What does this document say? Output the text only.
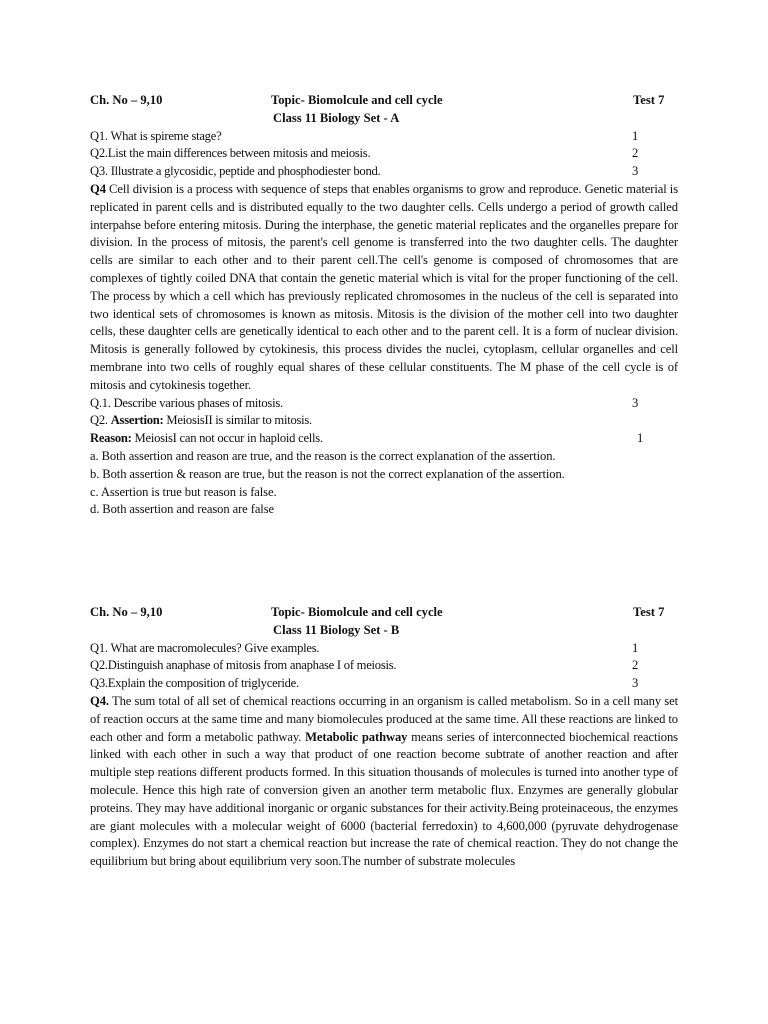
Ch. No – 9,10	Topic- Biomolcule and cell cycle	Test 7
Class 11 Biology Set - A
Q1. What is spireme stage?	1
Q2.List the main differences between mitosis and meiosis.	2
Q3. Illustrate a glycosidic, peptide and phosphodiester bond.	3
Q4 Cell division is a process with sequence of steps that enables organisms to grow and reproduce. Genetic material is replicated in parent cells and is distributed equally to the two daughter cells. Cells undergo a period of growth called interpahse before entering mitosis. During the interphase, the genetic material replicates and the organelles prepare for division. In the process of mitosis, the parent's cell genome is transferred into the two daughter cells. The daughter cells are similar to each other and to their parent cell.The cell's genome is composed of chromosomes that are complexes of tightly coiled DNA that contain the genetic material which is vital for the proper functioning of the cell. The process by which a cell which has previously replicated chromosomes in the nucleus of the cell is separated into two identical sets of chromosomes is known as mitosis. Mitosis is the division of the mother cell into two daughter cells, these daughter cells are genetically identical to each other and to the parent cell. It is a form of nuclear division. Mitosis is generally followed by cytokinesis, this process divides the nuclei, cytoplasm, cellular organelles and cell membrane into two cells of roughly equal shares of these cellular constituents. The M phase of the cell cycle is of mitosis and cytokinesis together.
Q.1. Describe various phases of mitosis.	3
Q2. Assertion: MeiosisII is similar to mitosis.
Reason: MeiosisI can not occur in haploid cells.	1
a. Both assertion and reason are true, and the reason is the correct explanation of the assertion.
b. Both assertion & reason are true, but the reason is not the correct explanation of the assertion.
c. Assertion is true but reason is false.
d. Both assertion and reason are false
Ch. No – 9,10	Topic- Biomolcule and cell cycle	Test 7
Class 11 Biology Set - B
Q1. What are macromolecules? Give examples.	1
Q2.Distinguish anaphase of mitosis from anaphase I of meiosis.	2
Q3.Explain the composition of triglyceride.	3
Q4. The sum total of all set of chemical reactions occurring in an organism is called metabolism. So in a cell many set of reaction occurs at the same time and many biomolecules produced at the same time. All these reactions are linked to each other and form a metabolic pathway. Metabolic pathway means series of interconnected biochemical reactions linked with each other in such a way that product of one reaction become subtrate of another reaction and after multiple step reations different products formed. In this situation thousands of molecules is turned into another type of molecule. Hence this high rate of conversion given an another term metabolic flux. Enzymes are generally globular proteins. They may have additional inorganic or organic substances for their activity.Being proteinaceous, the enzymes are giant molecules with a molecular weight of 6000 (bacterial ferredoxin) to 4,600,000 (pyruvate dehydrogenase complex). Enzymes do not start a chemical reaction but increase the rate of chemical reaction. They do not change the equilibrium but bring about equilibrium very soon.The number of substrate molecules
